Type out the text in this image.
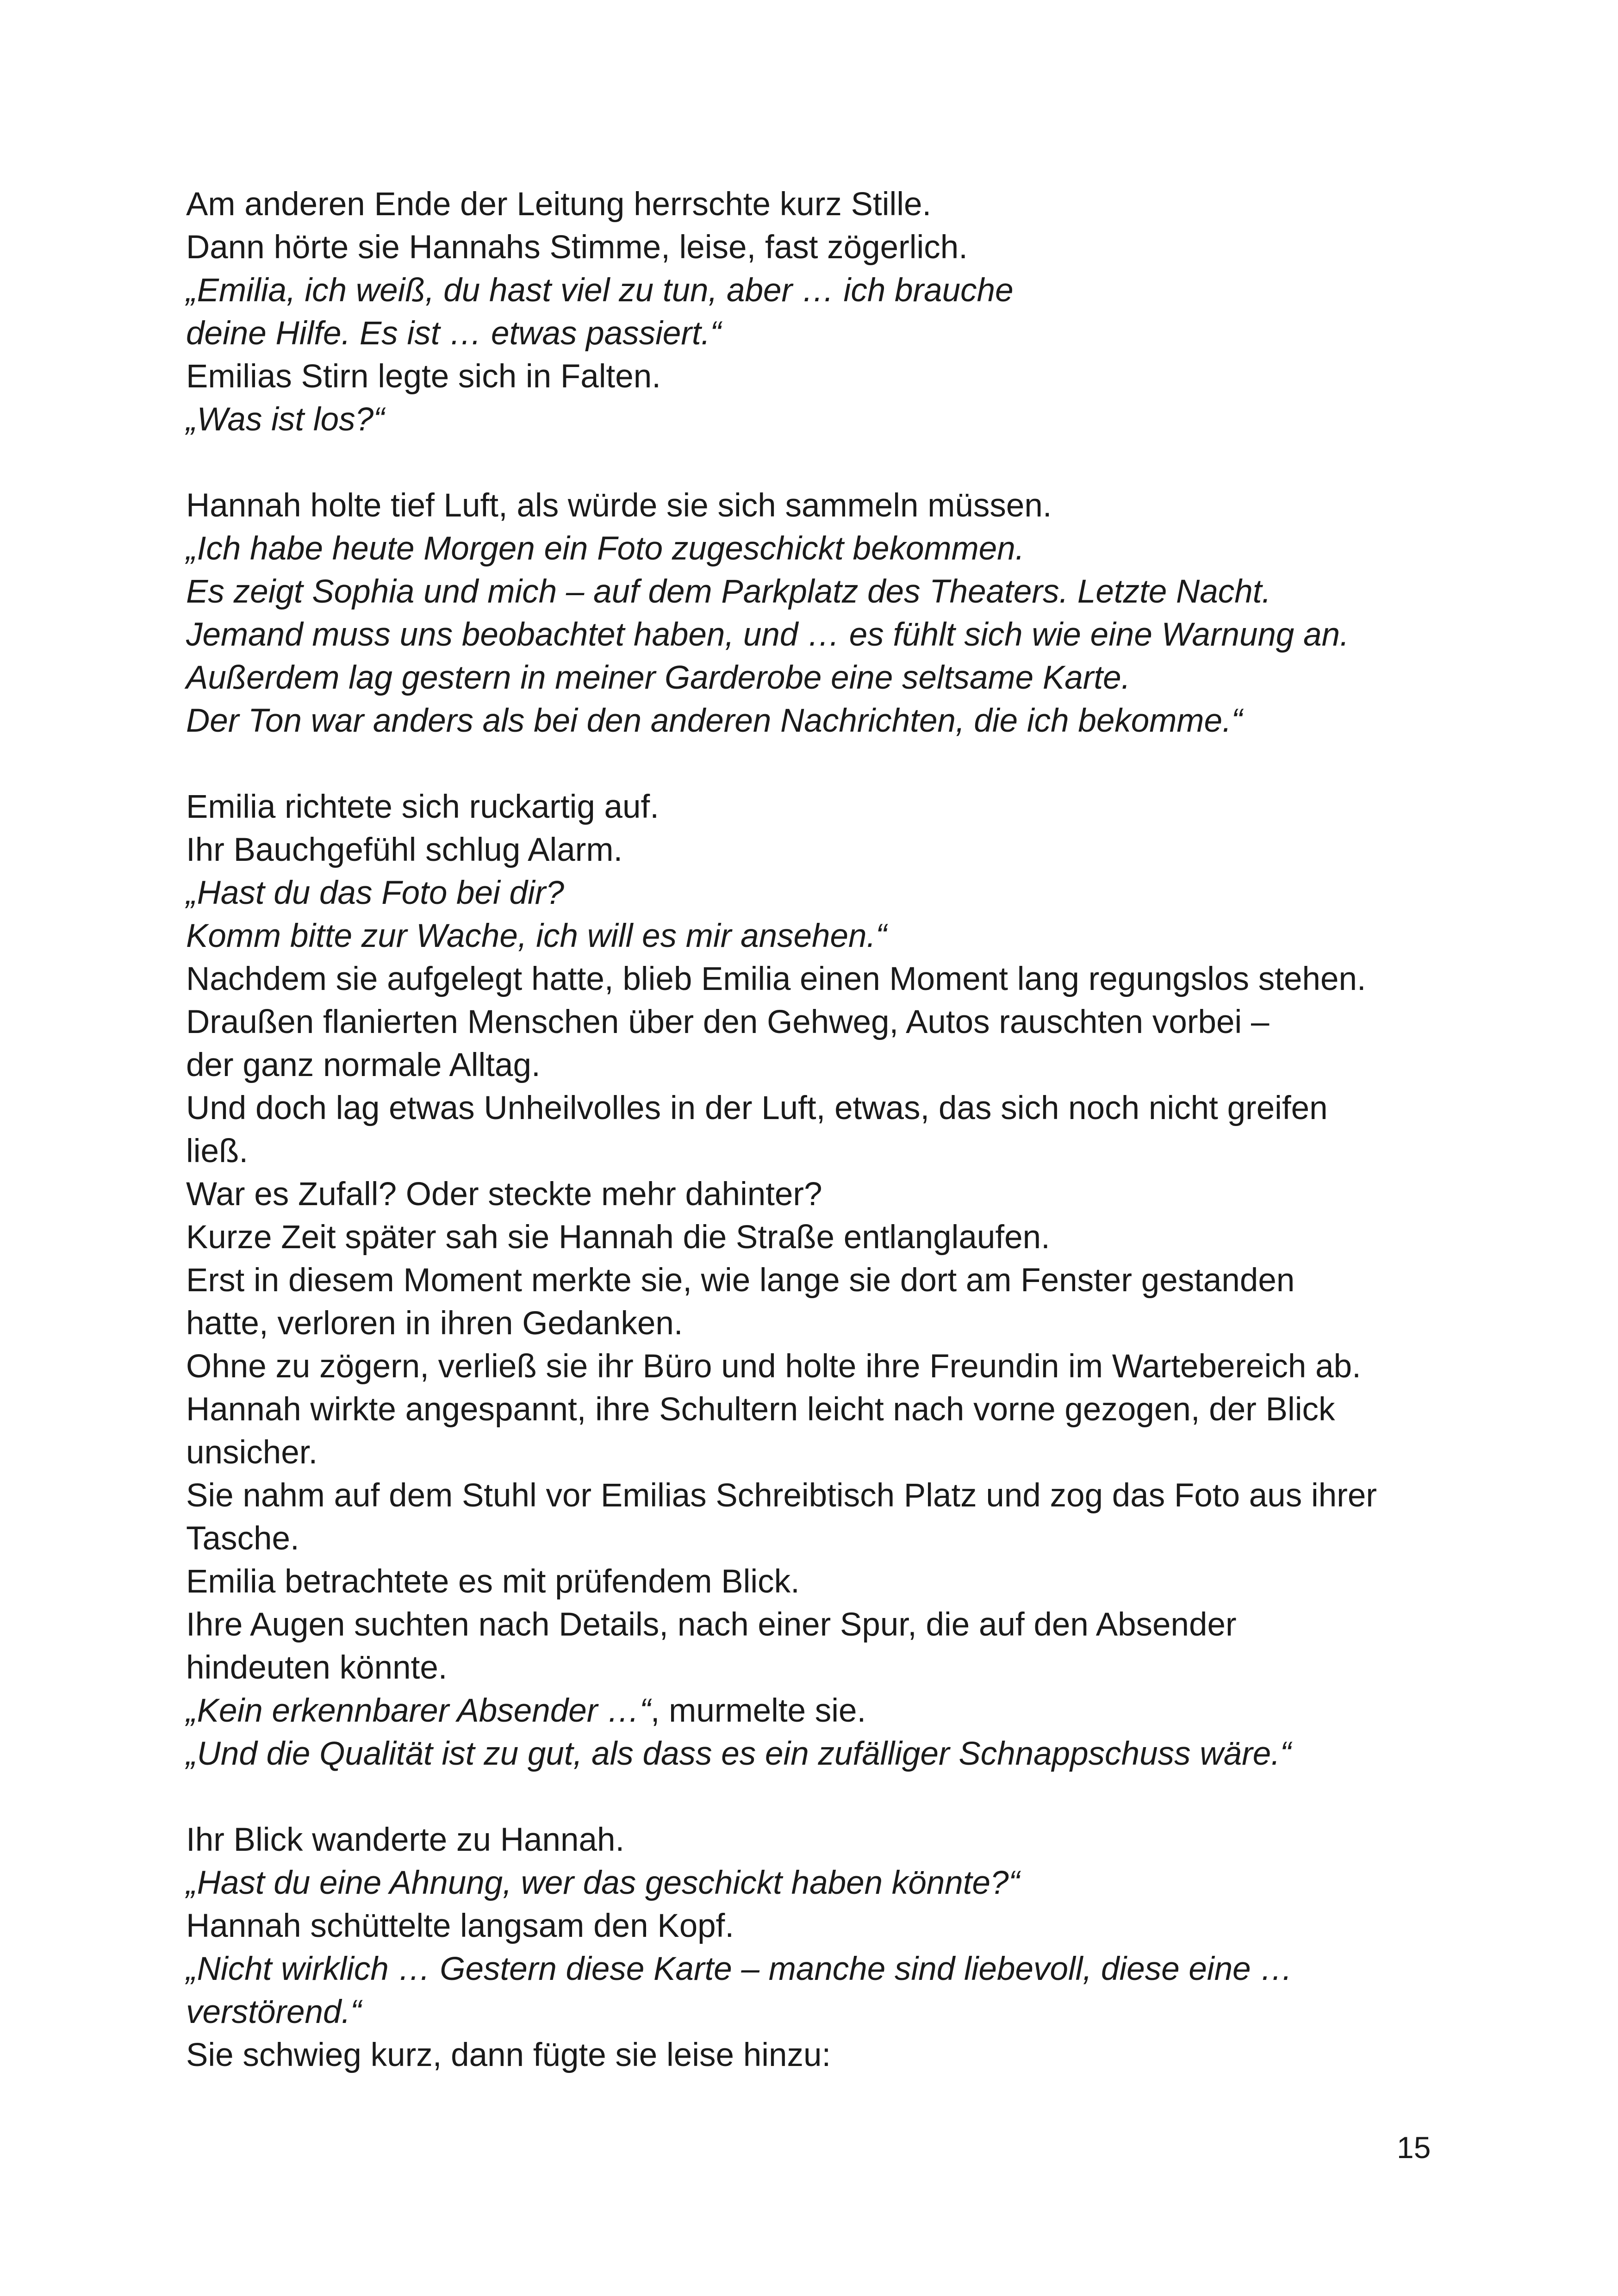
Am anderen Ende der Leitung herrschte kurz Stille.
Dann hörte sie Hannahs Stimme, leise, fast zögerlich.
„Emilia, ich weiß, du hast viel zu tun, aber … ich brauche
deine Hilfe. Es ist … etwas passiert.“
Emilias Stirn legte sich in Falten.
„Was ist los?“
Hannah holte tief Luft, als würde sie sich sammeln müssen.
„Ich habe heute Morgen ein Foto zugeschickt bekommen.
Es zeigt Sophia und mich – auf dem Parkplatz des Theaters. Letzte Nacht.
Jemand muss uns beobachtet haben, und … es fühlt sich wie eine Warnung an.
Außerdem lag gestern in meiner Garderobe eine seltsame Karte.
Der Ton war anders als bei den anderen Nachrichten, die ich bekomme.“
Emilia richtete sich ruckartig auf.
Ihr Bauchgefühl schlug Alarm.
„Hast du das Foto bei dir?
Komm bitte zur Wache, ich will es mir ansehen.“
Nachdem sie aufgelegt hatte, blieb Emilia einen Moment lang regungslos stehen.
Draußen flanierten Menschen über den Gehweg, Autos rauschten vorbei –
der ganz normale Alltag.
Und doch lag etwas Unheilvolles in der Luft, etwas, das sich noch nicht greifen
ließ.
War es Zufall? Oder steckte mehr dahinter?
Kurze Zeit später sah sie Hannah die Straße entlanglaufen.
Erst in diesem Moment merkte sie, wie lange sie dort am Fenster gestanden
hatte, verloren in ihren Gedanken.
Ohne zu zögern, verließ sie ihr Büro und holte ihre Freundin im Wartebereich ab.
Hannah wirkte angespannt, ihre Schultern leicht nach vorne gezogen, der Blick
unsicher.
Sie nahm auf dem Stuhl vor Emilias Schreibtisch Platz und zog das Foto aus ihrer
Tasche.
Emilia betrachtete es mit prüfendem Blick.
Ihre Augen suchten nach Details, nach einer Spur, die auf den Absender
hindeuten könnte.
„Kein erkennbarer Absender …“, murmelte sie.
„Und die Qualität ist zu gut, als dass es ein zufälliger Schnappschuss wäre.“
Ihr Blick wanderte zu Hannah.
„Hast du eine Ahnung, wer das geschickt haben könnte?“
Hannah schüttelte langsam den Kopf.
„Nicht wirklich … Gestern diese Karte – manche sind liebevoll, diese eine …
verstörend.“
Sie schwieg kurz, dann fügte sie leise hinzu:
15
